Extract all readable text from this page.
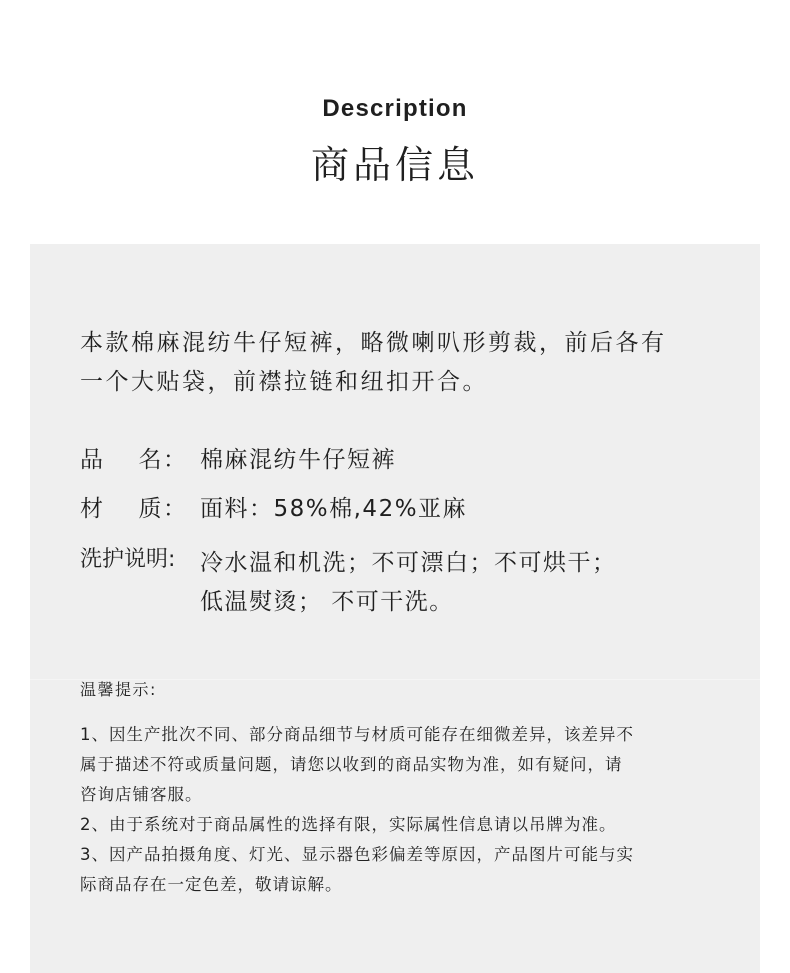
Description
商品信息
本款棉麻混纺牛仔短裤，略微喇叭形剪裁，前后各有
一个大贴袋，前襟拉链和纽扣开合。
品 名： 棉麻混纺牛仔短裤
材 质： 面料：58%棉,42%亚麻
洗护说明: 冷水温和机洗；不可漂白；不可烘干；
低温熨烫； 不可干洗。
温馨提示:

1、因生产批次不同、部分商品细节与材质可能存在细微差异，该差异不

属于描述不符或质量问题，请您以收到的商品实物为准，如有疑问，请

咨询店铺客服。

2、由于系统对于商品属性的选择有限，实际属性信息请以吊牌为准。

3、因产品拍摄角度、灯光、显示器色彩偏差等原因，产品图片可能与实

际商品存在一定色差，敬请谅解。
